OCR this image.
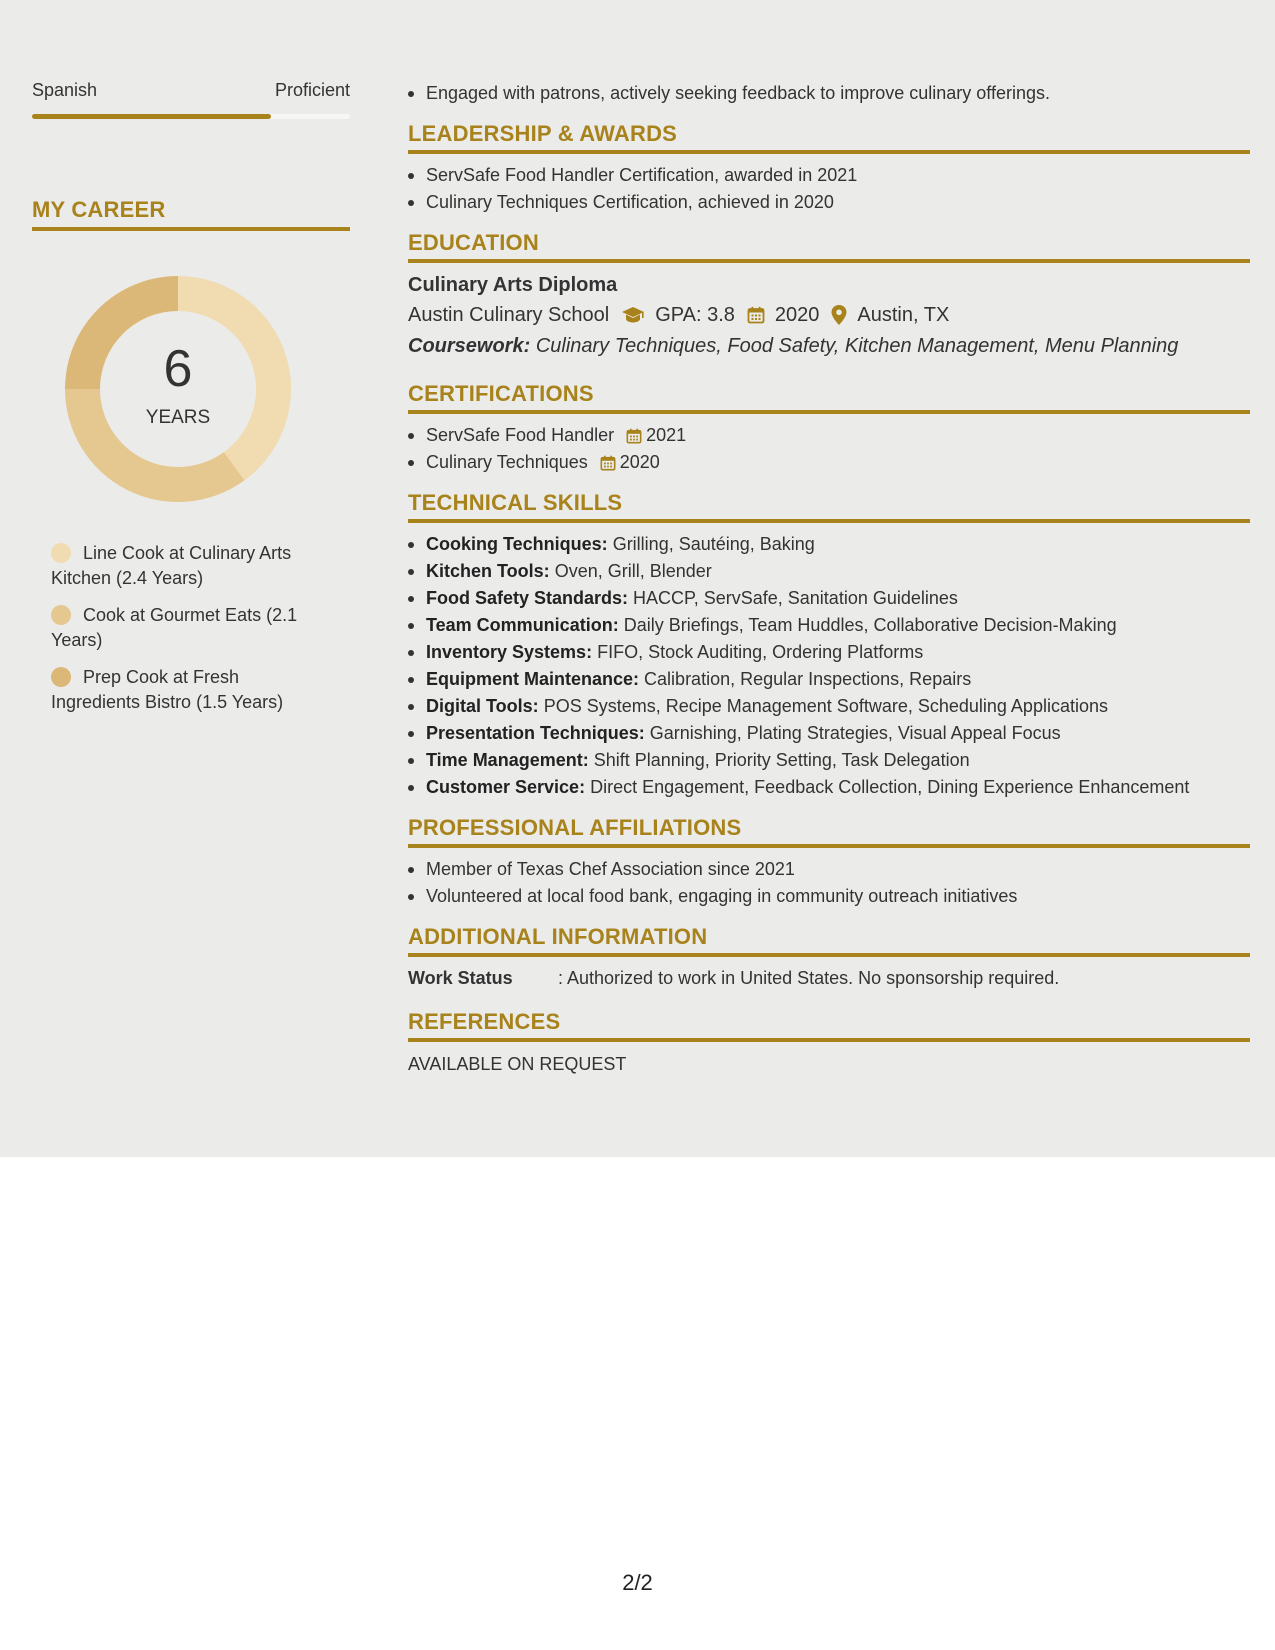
Spanish	Proficient
MY CAREER
6
YEARS
Line Cook at Culinary Arts Kitchen (2.4 Years)
Cook at Gourmet Eats (2.1 Years)
Prep Cook at Fresh Ingredients Bistro (1.5 Years)
Engaged with patrons, actively seeking feedback to improve culinary offerings.
LEADERSHIP & AWARDS
ServSafe Food Handler Certification, awarded in 2021
Culinary Techniques Certification, achieved in 2020
EDUCATION
Culinary Arts Diploma
Austin Culinary School GPA: 3.8 2020 Austin, TX
Coursework: Culinary Techniques, Food Safety, Kitchen Management, Menu Planning
CERTIFICATIONS
ServSafe Food Handler 2021
Culinary Techniques 2020
TECHNICAL SKILLS
Cooking Techniques: Grilling, Sautéing, Baking
Kitchen Tools: Oven, Grill, Blender
Food Safety Standards: HACCP, ServSafe, Sanitation Guidelines
Team Communication: Daily Briefings, Team Huddles, Collaborative Decision-Making
Inventory Systems: FIFO, Stock Auditing, Ordering Platforms
Equipment Maintenance: Calibration, Regular Inspections, Repairs
Digital Tools: POS Systems, Recipe Management Software, Scheduling Applications
Presentation Techniques: Garnishing, Plating Strategies, Visual Appeal Focus
Time Management: Shift Planning, Priority Setting, Task Delegation
Customer Service: Direct Engagement, Feedback Collection, Dining Experience Enhancement
PROFESSIONAL AFFILIATIONS
Member of Texas Chef Association since 2021
Volunteered at local food bank, engaging in community outreach initiatives
ADDITIONAL INFORMATION
Work Status	: Authorized to work in United States. No sponsorship required.
REFERENCES
AVAILABLE ON REQUEST
2/2
